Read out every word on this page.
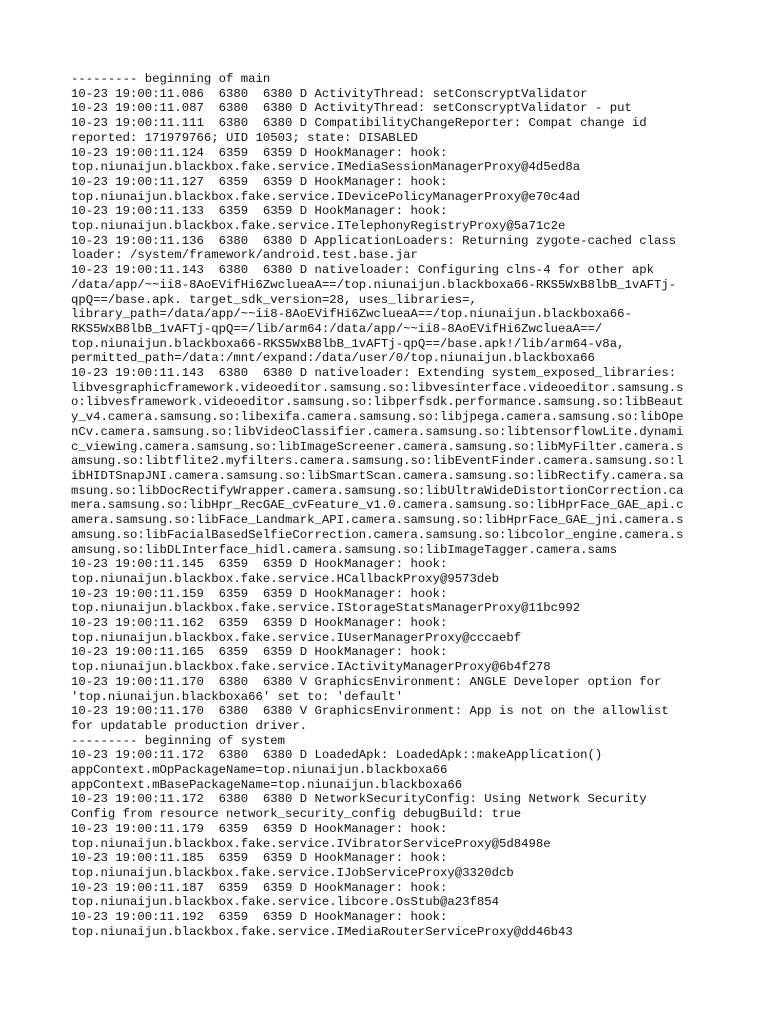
--------- beginning of main
10-23 19:00:11.086  6380  6380 D ActivityThread: setConscryptValidator
10-23 19:00:11.087  6380  6380 D ActivityThread: setConscryptValidator - put
10-23 19:00:11.111  6380  6380 D CompatibilityChangeReporter: Compat change id
reported: 171979766; UID 10503; state: DISABLED
10-23 19:00:11.124  6359  6359 D HookManager: hook:
top.niunaijun.blackbox.fake.service.IMediaSessionManagerProxy@4d5ed8a
10-23 19:00:11.127  6359  6359 D HookManager: hook:
top.niunaijun.blackbox.fake.service.IDevicePolicyManagerProxy@e70c4ad
10-23 19:00:11.133  6359  6359 D HookManager: hook:
top.niunaijun.blackbox.fake.service.ITelephonyRegistryProxy@5a71c2e
10-23 19:00:11.136  6380  6380 D ApplicationLoaders: Returning zygote-cached class
loader: /system/framework/android.test.base.jar
10-23 19:00:11.143  6380  6380 D nativeloader: Configuring clns-4 for other apk
/data/app/~~ii8-8AoEVifHi6ZwclueaA==/top.niunaijun.blackboxa66-RKS5WxB8lbB_1vAFTj-
qpQ==/base.apk. target_sdk_version=28, uses_libraries=,
library_path=/data/app/~~ii8-8AoEVifHi6ZwclueaA==/top.niunaijun.blackboxa66-
RKS5WxB8lbB_1vAFTj-qpQ==/lib/arm64:/data/app/~~ii8-8AoEVifHi6ZwclueaA==/
top.niunaijun.blackboxa66-RKS5WxB8lbB_1vAFTj-qpQ==/base.apk!/lib/arm64-v8a,
permitted_path=/data:/mnt/expand:/data/user/0/top.niunaijun.blackboxa66
10-23 19:00:11.143  6380  6380 D nativeloader: Extending system_exposed_libraries:
libvesgraphicframework.videoeditor.samsung.so:libvesinterface.videoeditor.samsung.s
o:libvesframework.videoeditor.samsung.so:libperfsdk.performance.samsung.so:libBeaut
y_v4.camera.samsung.so:libexifa.camera.samsung.so:libjpega.camera.samsung.so:libOpe
nCv.camera.samsung.so:libVideoClassifier.camera.samsung.so:libtensorflowLite.dynami
c_viewing.camera.samsung.so:libImageScreener.camera.samsung.so:libMyFilter.camera.s
amsung.so:libtflite2.myfilters.camera.samsung.so:libEventFinder.camera.samsung.so:l
ibHIDTSnapJNI.camera.samsung.so:libSmartScan.camera.samsung.so:libRectify.camera.sa
msung.so:libDocRectifyWrapper.camera.samsung.so:libUltraWideDistortionCorrection.ca
mera.samsung.so:libHpr_RecGAE_cvFeature_v1.0.camera.samsung.so:libHprFace_GAE_api.c
amera.samsung.so:libFace_Landmark_API.camera.samsung.so:libHprFace_GAE_jni.camera.s
amsung.so:libFacialBasedSelfieCorrection.camera.samsung.so:libcolor_engine.camera.s
amsung.so:libDLInterface_hidl.camera.samsung.so:libImageTagger.camera.sams
10-23 19:00:11.145  6359  6359 D HookManager: hook:
top.niunaijun.blackbox.fake.service.HCallbackProxy@9573deb
10-23 19:00:11.159  6359  6359 D HookManager: hook:
top.niunaijun.blackbox.fake.service.IStorageStatsManagerProxy@11bc992
10-23 19:00:11.162  6359  6359 D HookManager: hook:
top.niunaijun.blackbox.fake.service.IUserManagerProxy@cccaebf
10-23 19:00:11.165  6359  6359 D HookManager: hook:
top.niunaijun.blackbox.fake.service.IActivityManagerProxy@6b4f278
10-23 19:00:11.170  6380  6380 V GraphicsEnvironment: ANGLE Developer option for
'top.niunaijun.blackboxa66' set to: 'default'
10-23 19:00:11.170  6380  6380 V GraphicsEnvironment: App is not on the allowlist
for updatable production driver.
--------- beginning of system
10-23 19:00:11.172  6380  6380 D LoadedApk: LoadedApk::makeApplication()
appContext.mOpPackageName=top.niunaijun.blackboxa66
appContext.mBasePackageName=top.niunaijun.blackboxa66
10-23 19:00:11.172  6380  6380 D NetworkSecurityConfig: Using Network Security
Config from resource network_security_config debugBuild: true
10-23 19:00:11.179  6359  6359 D HookManager: hook:
top.niunaijun.blackbox.fake.service.IVibratorServiceProxy@5d8498e
10-23 19:00:11.185  6359  6359 D HookManager: hook:
top.niunaijun.blackbox.fake.service.IJobServiceProxy@3320dcb
10-23 19:00:11.187  6359  6359 D HookManager: hook:
top.niunaijun.blackbox.fake.service.libcore.OsStub@a23f854
10-23 19:00:11.192  6359  6359 D HookManager: hook:
top.niunaijun.blackbox.fake.service.IMediaRouterServiceProxy@dd46b43
